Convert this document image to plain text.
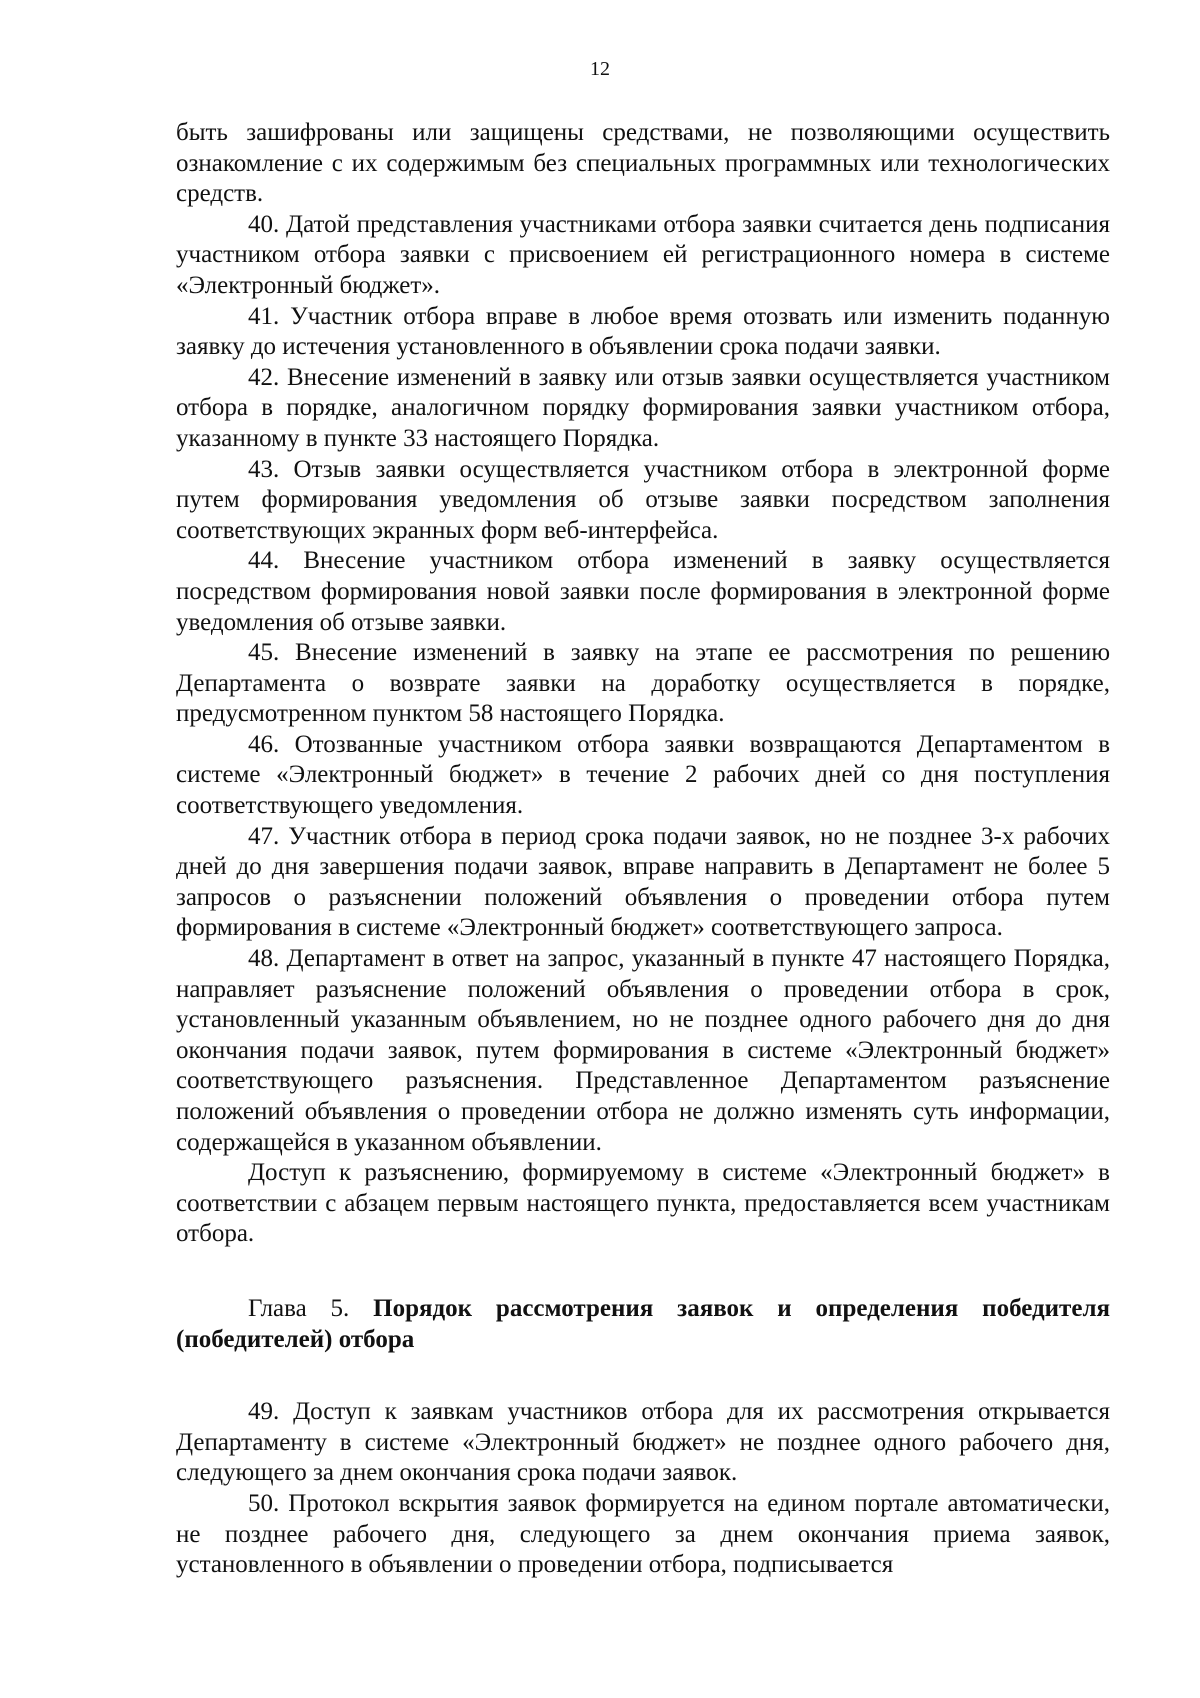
12

быть зашифрованы или защищены средствами, не позволяющими осуществить ознакомление с их содержимым без специальных программных или технологических средств.

40. Датой представления участниками отбора заявки считается день подписания участником отбора заявки с присвоением ей регистрационного номера в системе «Электронный бюджет».

41. Участник отбора вправе в любое время отозвать или изменить поданную заявку до истечения установленного в объявлении срока подачи заявки.

42. Внесение изменений в заявку или отзыв заявки осуществляется участником отбора в порядке, аналогичном порядку формирования заявки участником отбора, указанному в пункте 33 настоящего Порядка.

43. Отзыв заявки осуществляется участником отбора в электронной форме путем формирования уведомления об отзыве заявки посредством заполнения соответствующих экранных форм веб-интерфейса.

44. Внесение участником отбора изменений в заявку осуществляется посредством формирования новой заявки после формирования в электронной форме уведомления об отзыве заявки.

45. Внесение изменений в заявку на этапе ее рассмотрения по решению Департамента о возврате заявки на доработку осуществляется в порядке, предусмотренном пунктом 58 настоящего Порядка.

46. Отозванные участником отбора заявки возвращаются Департаментом в системе «Электронный бюджет» в течение 2 рабочих дней со дня поступления соответствующего уведомления.

47. Участник отбора в период срока подачи заявок, но не позднее 3-х рабочих дней до дня завершения подачи заявок, вправе направить в Департамент не более 5 запросов о разъяснении положений объявления о проведении отбора путем формирования в системе «Электронный бюджет» соответствующего запроса.

48. Департамент в ответ на запрос, указанный в пункте 47 настоящего Порядка, направляет разъяснение положений объявления о проведении отбора в срок, установленный указанным объявлением, но не позднее одного рабочего дня до дня окончания подачи заявок, путем формирования в системе «Электронный бюджет» соответствующего разъяснения. Представленное Департаментом разъяснение положений объявления о проведении отбора не должно изменять суть информации, содержащейся в указанном объявлении.

Доступ к разъяснению, формируемому в системе «Электронный бюджет» в соответствии с абзацем первым настоящего пункта, предоставляется всем участникам отбора.

Глава 5. Порядок рассмотрения заявок и определения победителя (победителей) отбора

49. Доступ к заявкам участников отбора для их рассмотрения открывается Департаменту в системе «Электронный бюджет» не позднее одного рабочего дня, следующего за днем окончания срока подачи заявок.

50. Протокол вскрытия заявок формируется на едином портале автоматически, не позднее рабочего дня, следующего за днем окончания приема заявок, установленного в объявлении о проведении отбора, подписывается
